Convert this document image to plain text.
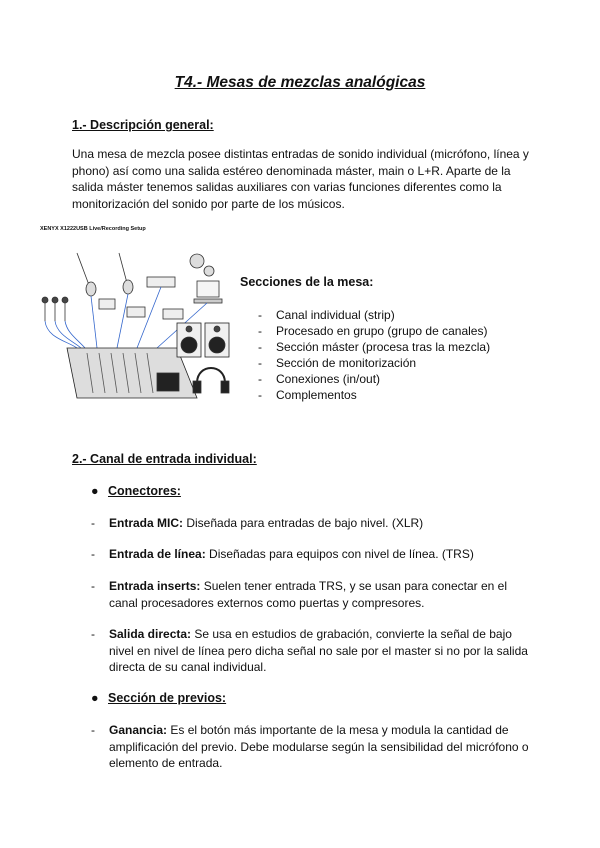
T4.- Mesas de mezclas analógicas
1.- Descripción general:
Una mesa de mezcla posee distintas entradas de sonido individual (micrófono, línea y phono) así como una salida estéreo denominada máster, main o L+R. Aparte de la salida máster tenemos salidas auxiliares con varias funciones diferentes como la monitorización del sonido por parte de los músicos.
XENYX X1222USB Live/Recording Setup
Secciones de la mesa:
- Canal individual (strip)
- Procesado en grupo (grupo de canales)
- Sección máster (procesa tras la mezcla)
- Sección de monitorización
- Conexiones (in/out)
- Complementos
2.- Canal de entrada individual:
● Conectores:
- Entrada MIC: Diseñada para entradas de bajo nivel. (XLR)
- Entrada de línea: Diseñadas para equipos con nivel de línea. (TRS)
- Entrada inserts: Suelen tener entrada TRS, y se usan para conectar en el canal procesadores externos como puertas y compresores.
- Salida directa: Se usa en estudios de grabación, convierte la señal de bajo nivel en nivel de línea pero dicha señal no sale por el master si no por la salida directa de su canal individual.
● Sección de previos:
- Ganancia: Es el botón más importante de la mesa y modula la cantidad de amplificación del previo. Debe modularse según la sensibilidad del micrófono o elemento de entrada.
